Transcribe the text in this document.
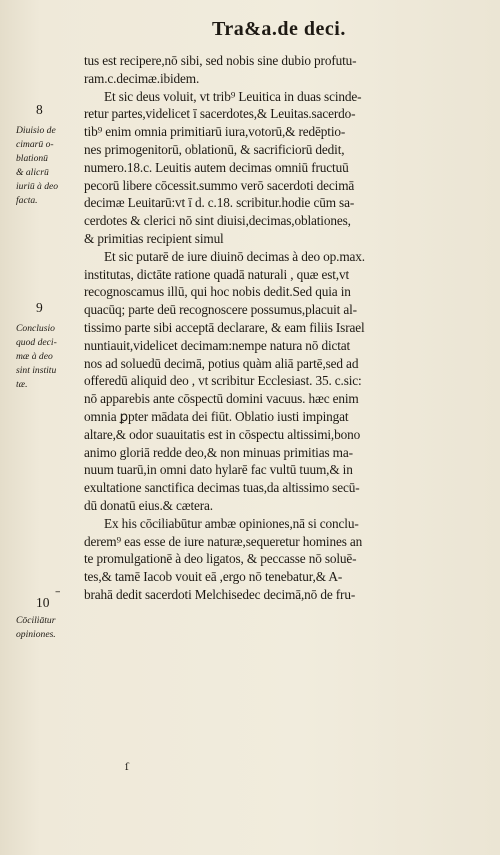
Tra&a.de deci.
8
9
10
Diuisio de
cimarū o-
blationū
& alicrū
iuriū à deo
facta.
Conclusio
quod deci-
mæ à deo
sint institu
tæ.
Cōciliātur
opiniones.
–
ſ
tus est recipere,nō sibi, sed nobis sine dubio profutu-
ram.c.decimæ.ibidem.
Et sic deus voluit, vt trib⁹ Leuitica in duas scinde-
retur partes,videlicet ī sacerdotes,& Leuitas.sacerdo-
tib⁹ enim omnia primitiarū iura,votorū,& redēptio-
nes primogenitorū, oblationū, & sacrificiorū dedit,
numero.18.c. Leuitis autem decimas omniū fructuū
pecorū libere cōcessit.summo verō sacerdoti decimā
decimæ Leuitarū:vt ī d. c.18. scribitur.hodie cūm sa-
cerdotes & clerici nō sint diuisi,decimas,oblationes,
& primitias recipient simul
Et sic putarē de iure diuinō decimas à deo op.max.
institutas, dictāte ratione quadā naturali , quæ est,vt
recognoscamus illū, qui hoc nobis dedit.Sed quia in
quacūq; parte deū recognoscere possumus,placuit al-
tissimo parte sibi acceptā declarare, & eam filiis Israel
nuntiauit,videlicet decimam:nempe natura nō dictat
nos ad soluedū decimā, potius quàm aliā partē,sed ad
offeredū aliquid deo , vt scribitur Ecclesiast. 35. c.sic:
nō apparebis ante cōspectū domini vacuus. hæc enim
omnia ꝑpter mādata dei fiūt. Oblatio iusti impingat
altare,& odor suauitatis est in cōspectu altissimi,bono
animo gloriā redde deo,& non minuas primitias ma-
nuum tuarū,in omni dato hylarē fac vultū tuum,& in
exultatione sanctifica decimas tuas,da altissimo secū-
dū donatū eius.& cætera.
Ex his cōciliabūtur ambæ opiniones,nā si conclu-
derem⁹ eas esse de iure naturæ,sequeretur homines an
te promulgationē à deo ligatos, & peccasse nō soluē-
tes,& tamē Iacob vouit eā ,ergo nō tenebatur,& A-
brahā dedit sacerdoti Melchisedec decimā,nō de fru-
